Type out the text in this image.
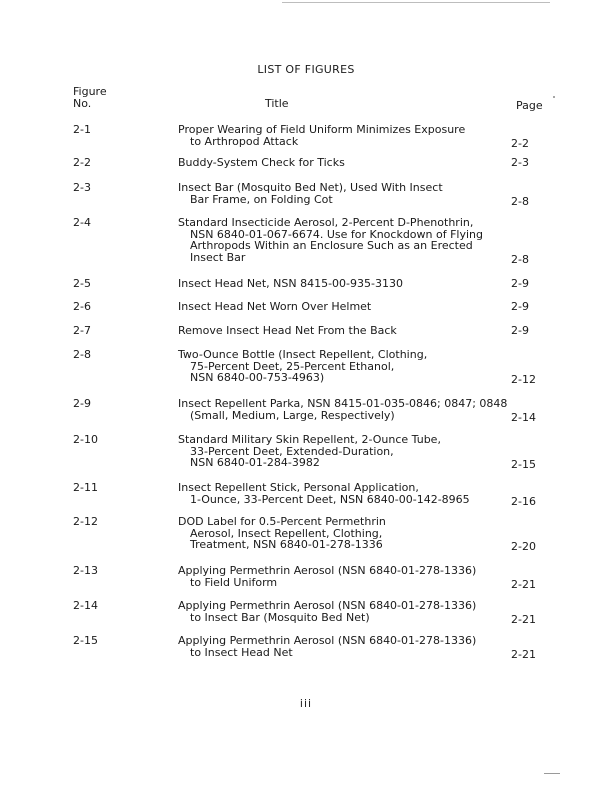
LIST OF FIGURES
Figure
No.	Title	Page
2-1	Proper Wearing of Field Uniform Minimizes Exposure
to Arthropod Attack	2-2
2-2	Buddy-System Check for Ticks	2-3
2-3	Insect Bar (Mosquito Bed Net), Used With Insect
Bar Frame, on Folding Cot	2-8
2-4	Standard Insecticide Aerosol, 2-Percent D-Phenothrin,
NSN 6840-01-067-6674. Use for Knockdown of Flying
Arthropods Within an Enclosure Such as an Erected
Insect Bar	2-8
2-5	Insect Head Net, NSN 8415-00-935-3130	2-9
2-6	Insect Head Net Worn Over Helmet	2-9
2-7	Remove Insect Head Net From the Back	2-9
2-8	Two-Ounce Bottle (Insect Repellent, Clothing,
75-Percent Deet, 25-Percent Ethanol,
NSN 6840-00-753-4963)	2-12
2-9	Insect Repellent Parka, NSN 8415-01-035-0846; 0847; 0848
(Small, Medium, Large, Respectively)	2-14
2-10	Standard Military Skin Repellent, 2-Ounce Tube,
33-Percent Deet, Extended-Duration,
NSN 6840-01-284-3982	2-15
2-11	Insect Repellent Stick, Personal Application,
1-Ounce, 33-Percent Deet, NSN 6840-00-142-8965	2-16
2-12	DOD Label for 0.5-Percent Permethrin
Aerosol, Insect Repellent, Clothing,
Treatment, NSN 6840-01-278-1336	2-20
2-13	Applying Permethrin Aerosol (NSN 6840-01-278-1336)
to Field Uniform	2-21
2-14	Applying Permethrin Aerosol (NSN 6840-01-278-1336)
to Insect Bar (Mosquito Bed Net)	2-21
2-15	Applying Permethrin Aerosol (NSN 6840-01-278-1336)
to Insect Head Net	2-21
iii
